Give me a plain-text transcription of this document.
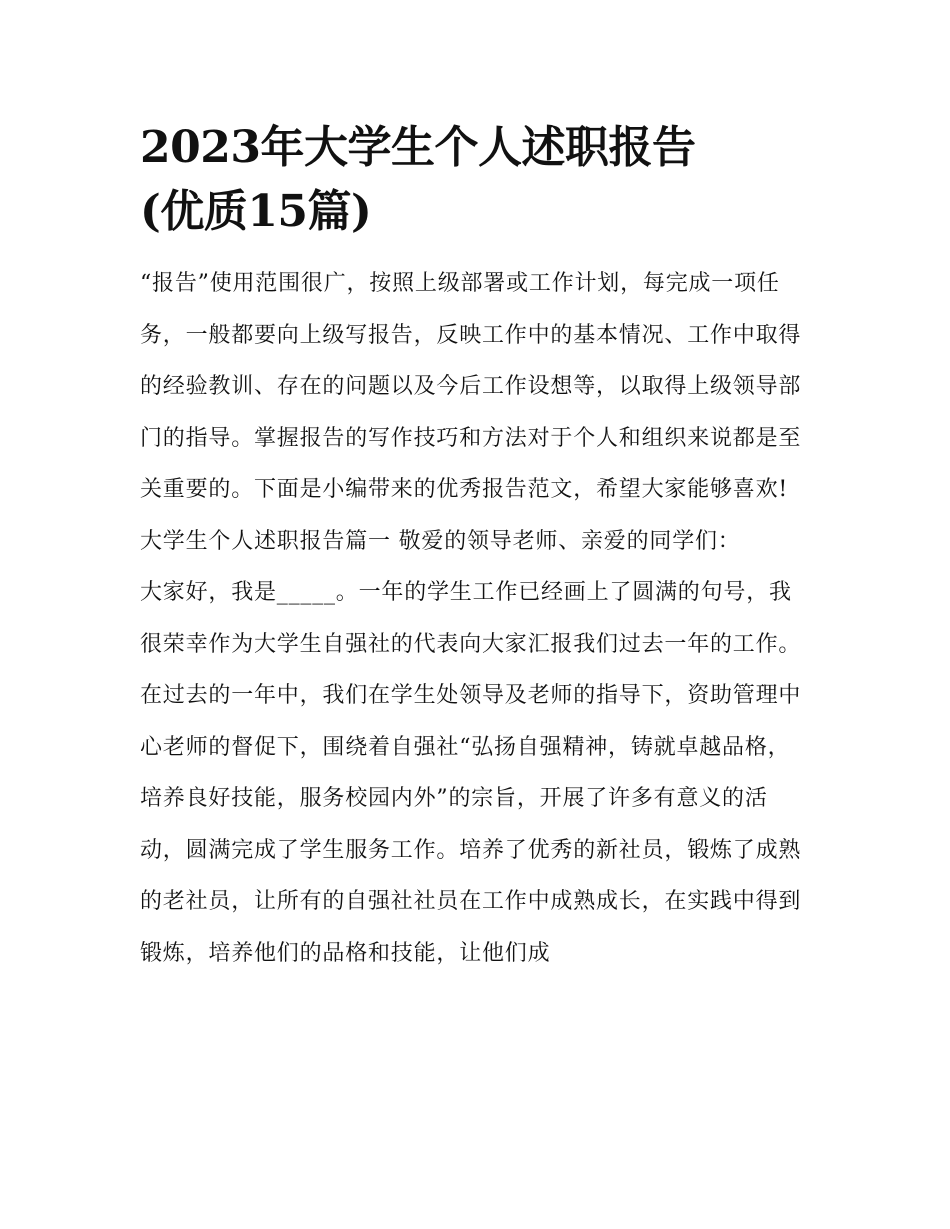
2023年大学生个人述职报告
(优质15篇)

“报告”使用范围很广，按照上级部署或工作计划，每完成一项任务，一般都要向上级写报告，反映工作中的基本情况、工作中取得的经验教训、存在的问题以及今后工作设想等，以取得上级领导部门的指导。掌握报告的写作技巧和方法对于个人和组织来说都是至关重要的。下面是小编带来的优秀报告范文，希望大家能够喜欢!

大学生个人述职报告篇一 敬爱的领导老师、亲爱的同学们：

大家好，我是_____。一年的学生工作已经画上了圆满的句号，我很荣幸作为大学生自强社的代表向大家汇报我们过去一年的工作。

在过去的一年中，我们在学生处领导及老师的指导下，资助管理中心老师的督促下，围绕着自强社“弘扬自强精神，铸就卓越品格，培养良好技能，服务校园内外”的宗旨，开展了许多有意义的活动，圆满完成了学生服务工作。培养了优秀的新社员，锻炼了成熟的老社员，让所有的自强社社员在工作中成熟成长，在实践中得到锻炼，培养他们的品格和技能，让他们成
